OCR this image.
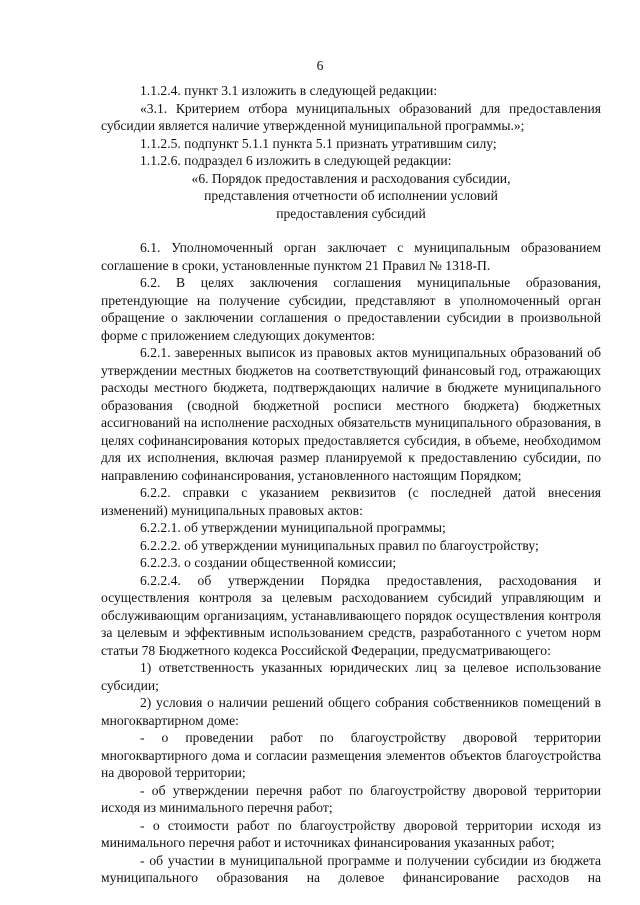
6

1.1.2.4. пункт 3.1 изложить в следующей редакции:

«3.1. Критерием отбора муниципальных образований для предоставления субсидии является наличие утвержденной муниципальной программы.»;

1.1.2.5. подпункт 5.1.1 пункта 5.1 признать утратившим силу;

1.1.2.6. подраздел 6 изложить в следующей редакции:

«6. Порядок предоставления и расходования субсидии,

представления отчетности об исполнении условий

предоставления субсидий

6.1. Уполномоченный орган заключает с муниципальным образованием соглашение в сроки, установленные пунктом 21 Правил № 1318-П.

6.2. В целях заключения соглашения муниципальные образования, претендующие на получение субсидии, представляют в уполномоченный орган обращение о заключении соглашения о предоставлении субсидии в произвольной форме с приложением следующих документов:

6.2.1. заверенных выписок из правовых актов муниципальных образований об утверждении местных бюджетов на соответствующий финансовый год, отражающих расходы местного бюджета, подтверждающих наличие в бюджете муниципального образования (сводной бюджетной росписи местного бюджета) бюджетных ассигнований на исполнение расходных обязательств муниципального образования, в целях софинансирования которых предоставляется субсидия, в объеме, необходимом для их исполнения, включая размер планируемой к предоставлению субсидии, по направлению софинансирования, установленного настоящим Порядком;

6.2.2. справки с указанием реквизитов (с последней датой внесения изменений) муниципальных правовых актов:

6.2.2.1. об утверждении муниципальной программы;

6.2.2.2. об утверждении муниципальных правил по благоустройству;

6.2.2.3. о создании общественной комиссии;

6.2.2.4. об утверждении Порядка предоставления, расходования и осуществления контроля за целевым расходованием субсидий управляющим и обслуживающим организациям, устанавливающего порядок осуществления контроля за целевым и эффективным использованием средств, разработанного с учетом норм статьи 78 Бюджетного кодекса Российской Федерации, предусматривающего:

1) ответственность указанных юридических лиц за целевое использование субсидии;

2) условия о наличии решений общего собрания собственников помещений в многоквартирном доме:

- о проведении работ по благоустройству дворовой территории многоквартирного дома и согласии размещения элементов объектов благоустройства на дворовой территории;

- об утверждении перечня работ по благоустройству дворовой территории исходя из минимального перечня работ;

- о стоимости работ по благоустройству дворовой территории исходя из минимального перечня работ и источниках финансирования указанных работ;

- об участии в муниципальной программе и получении субсидии из бюджета муниципального образования на долевое финансирование расходов на
